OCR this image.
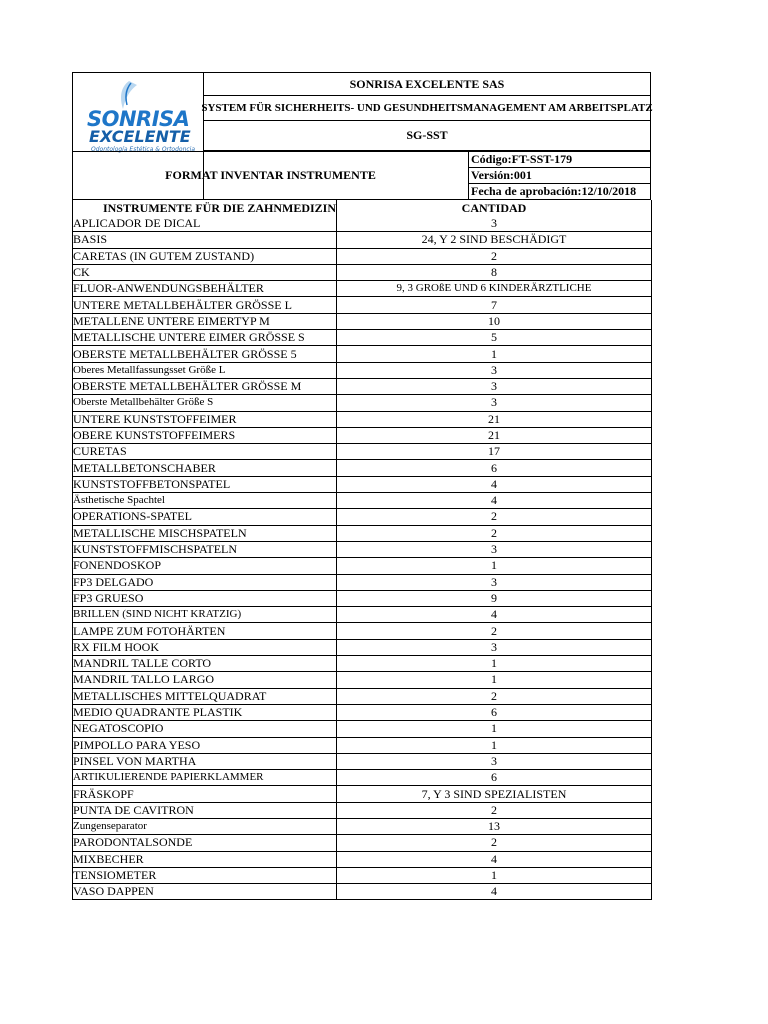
SONRISA
EXCELENTE
Odontología Estética & Ortodoncia
SONRISA EXCELENTE SAS
SYSTEM FÜR SICHERHEITS- UND GESUNDHEITSMANAGEMENT AM ARBEITSPLATZ
SG-SST
FORMAT INVENTAR INSTRUMENTE
Código:FT-SST-179
Versión:001
Fecha de aprobación:12/10/2018
INSTRUMENTE FÜR DIE ZAHNMEDIZIN	CANTIDAD
APLICADOR DE DICAL	3
BASIS	24, Y 2 SIND BESCHÄDIGT
CARETAS (IN GUTEM ZUSTAND)	2
CK	8
FLUOR-ANWENDUNGSBEHÄLTER	9, 3 GROßE UND 6 KINDERÄRZTLICHE
UNTERE METALLBEHÄLTER GRÖSSE L	7
METALLENE UNTERE EIMERTYP M	10
METALLISCHE UNTERE EIMER GRÖSSE S	5
OBERSTE METALLBEHÄLTER GRÖSSE 5	1
Oberes Metallfassungsset Größe L	3
OBERSTE METALLBEHÄLTER GRÖSSE M	3
Oberste Metallbehälter Größe S	3
UNTERE KUNSTSTOFFEIMER	21
OBERE KUNSTSTOFFEIMERS	21
CURETAS	17
METALLBETONSCHABER	6
KUNSTSTOFFBETONSPATEL	4
Ästhetische Spachtel	4
OPERATIONS-SPATEL	2
METALLISCHE MISCHSPATELN	2
KUNSTSTOFFMISCHSPATELN	3
FONENDOSKOP	1
FP3 DELGADO	3
FP3 GRUESO	9
BRILLEN (SIND NICHT KRATZIG)	4
LAMPE ZUM FOTOHÄRTEN	2
RX FILM HOOK	3
MANDRIL TALLE CORTO	1
MANDRIL TALLO LARGO	1
METALLISCHES MITTELQUADRAT	2
MEDIO QUADRANTE PLASTIK	6
NEGATOSCOPIO	1
PIMPOLLO PARA YESO	1
PINSEL VON MARTHA	3
ARTIKULIERENDE PAPIERKLAMMER	6
FRÄSKOPF	7, Y 3 SIND SPEZIALISTEN
PUNTA DE CAVITRON	2
Zungenseparator	13
PARODONTALSONDE	2
MIXBECHER	4
TENSIOMETER	1
VASO DAPPEN	4
